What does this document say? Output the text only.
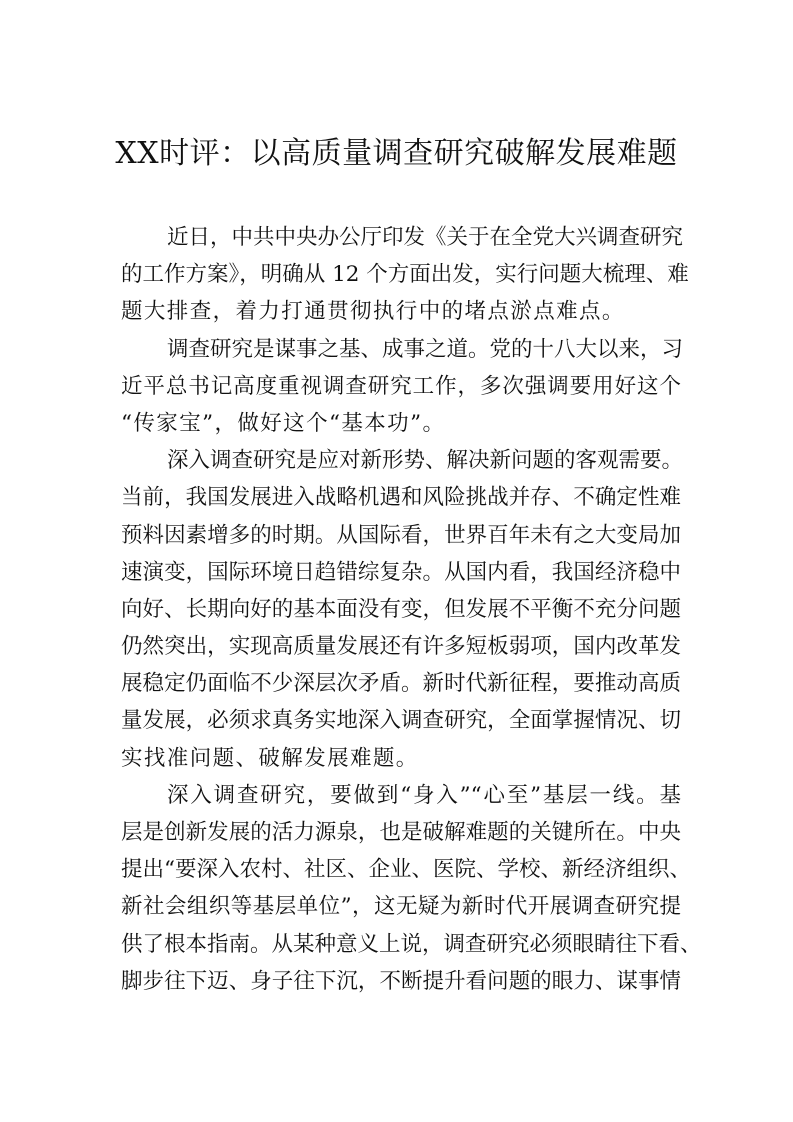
XX时评：以高质量调查研究破解发展难题
近日，中共中央办公厅印发《关于在全党大兴调查研究
的工作方案》，明确从 12 个方面出发，实行问题大梳理、难
题大排查，着力打通贯彻执行中的堵点淤点难点。
调查研究是谋事之基、成事之道。党的十八大以来，习
近平总书记高度重视调查研究工作，多次强调要用好这个
“传家宝”，做好这个“基本功”。
深入调查研究是应对新形势、解决新问题的客观需要。
当前，我国发展进入战略机遇和风险挑战并存、不确定性难
预料因素增多的时期。从国际看，世界百年未有之大变局加
速演变，国际环境日趋错综复杂。从国内看，我国经济稳中
向好、长期向好的基本面没有变，但发展不平衡不充分问题
仍然突出，实现高质量发展还有许多短板弱项，国内改革发
展稳定仍面临不少深层次矛盾。新时代新征程，要推动高质
量发展，必须求真务实地深入调查研究，全面掌握情况、切
实找准问题、破解发展难题。
深入调查研究，要做到“身入”“心至”基层一线。基
层是创新发展的活力源泉，也是破解难题的关键所在。中央
提出“要深入农村、社区、企业、医院、学校、新经济组织、
新社会组织等基层单位”，这无疑为新时代开展调查研究提
供了根本指南。从某种意义上说，调查研究必须眼睛往下看、
脚步往下迈、身子往下沉，不断提升看问题的眼力、谋事情
